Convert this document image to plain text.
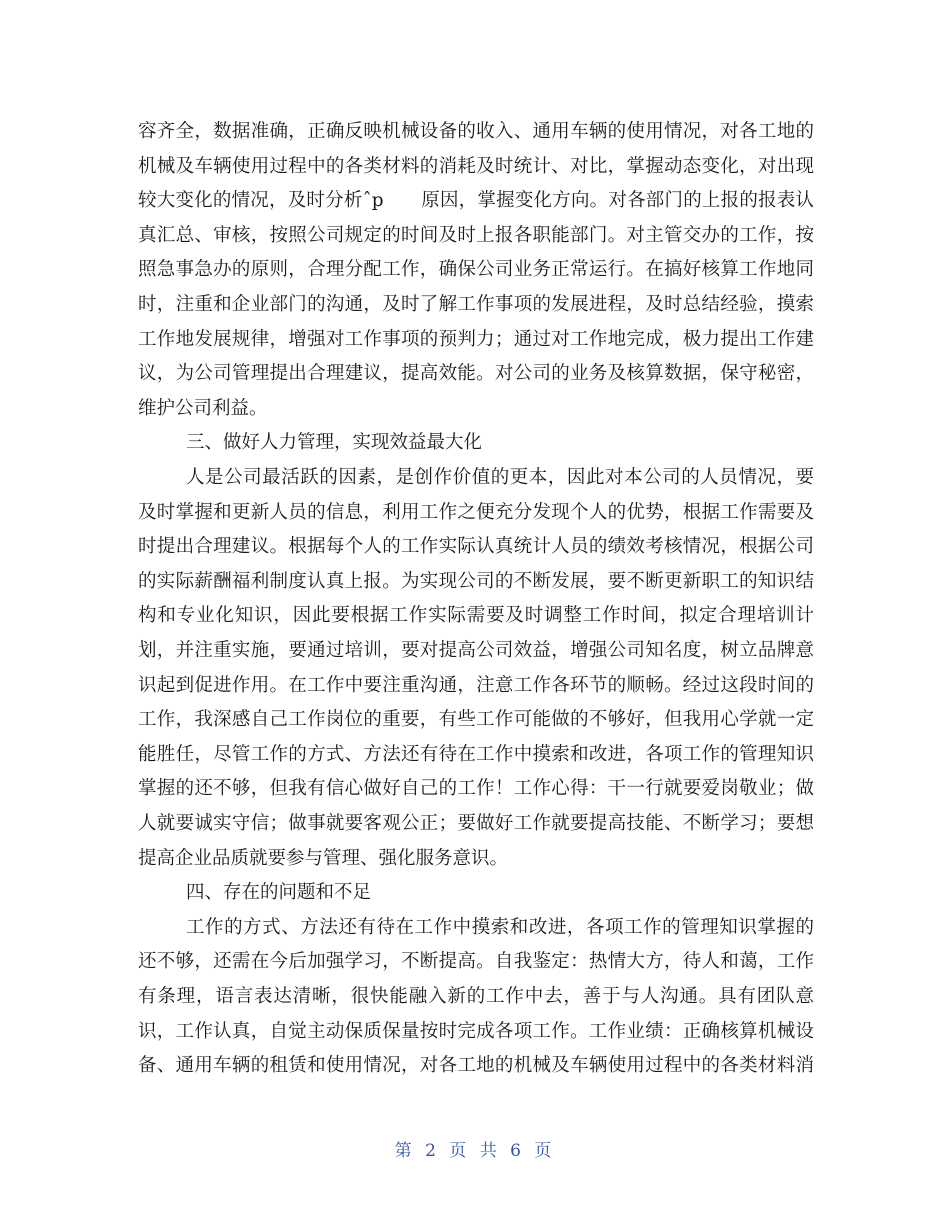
容齐全，数据准确，正确反映机械设备的收入、通用车辆的使用情况，对各工地的
机械及车辆使用过程中的各类材料的消耗及时统计、对比，掌握动态变化，对出现
较大变化的情况，及时分析ˆp　　原因，掌握变化方向。对各部门的上报的报表认
真汇总、审核，按照公司规定的时间及时上报各职能部门。对主管交办的工作，按
照急事急办的原则，合理分配工作，确保公司业务正常运行。在搞好核算工作地同
时，注重和企业部门的沟通，及时了解工作事项的发展进程，及时总结经验，摸索
工作地发展规律，增强对工作事项的预判力；通过对工作地完成，极力提出工作建
议，为公司管理提出合理建议，提高效能。对公司的业务及核算数据，保守秘密，
维护公司利益。
三、做好人力管理，实现效益最大化
人是公司最活跃的因素，是创作价值的更本，因此对本公司的人员情况，要
及时掌握和更新人员的信息，利用工作之便充分发现个人的优势，根据工作需要及
时提出合理建议。根据每个人的工作实际认真统计人员的绩效考核情况，根据公司
的实际薪酬福利制度认真上报。为实现公司的不断发展，要不断更新职工的知识结
构和专业化知识，因此要根据工作实际需要及时调整工作时间，拟定合理培训计
划，并注重实施，要通过培训，要对提高公司效益，增强公司知名度，树立品牌意
识起到促进作用。在工作中要注重沟通，注意工作各环节的顺畅。经过这段时间的
工作，我深感自己工作岗位的重要，有些工作可能做的不够好，但我用心学就一定
能胜任，尽管工作的方式、方法还有待在工作中摸索和改进，各项工作的管理知识
掌握的还不够，但我有信心做好自己的工作！工作心得：干一行就要爱岗敬业；做
人就要诚实守信；做事就要客观公正；要做好工作就要提高技能、不断学习；要想
提高企业品质就要参与管理、强化服务意识。
四、存在的问题和不足
工作的方式、方法还有待在工作中摸索和改进，各项工作的管理知识掌握的
还不够，还需在今后加强学习，不断提高。自我鉴定：热情大方，待人和蔼，工作
有条理，语言表达清晰，很快能融入新的工作中去，善于与人沟通。具有团队意
识，工作认真，自觉主动保质保量按时完成各项工作。工作业绩：正确核算机械设
备、通用车辆的租赁和使用情况，对各工地的机械及车辆使用过程中的各类材料消
第 2 页 共 6 页
